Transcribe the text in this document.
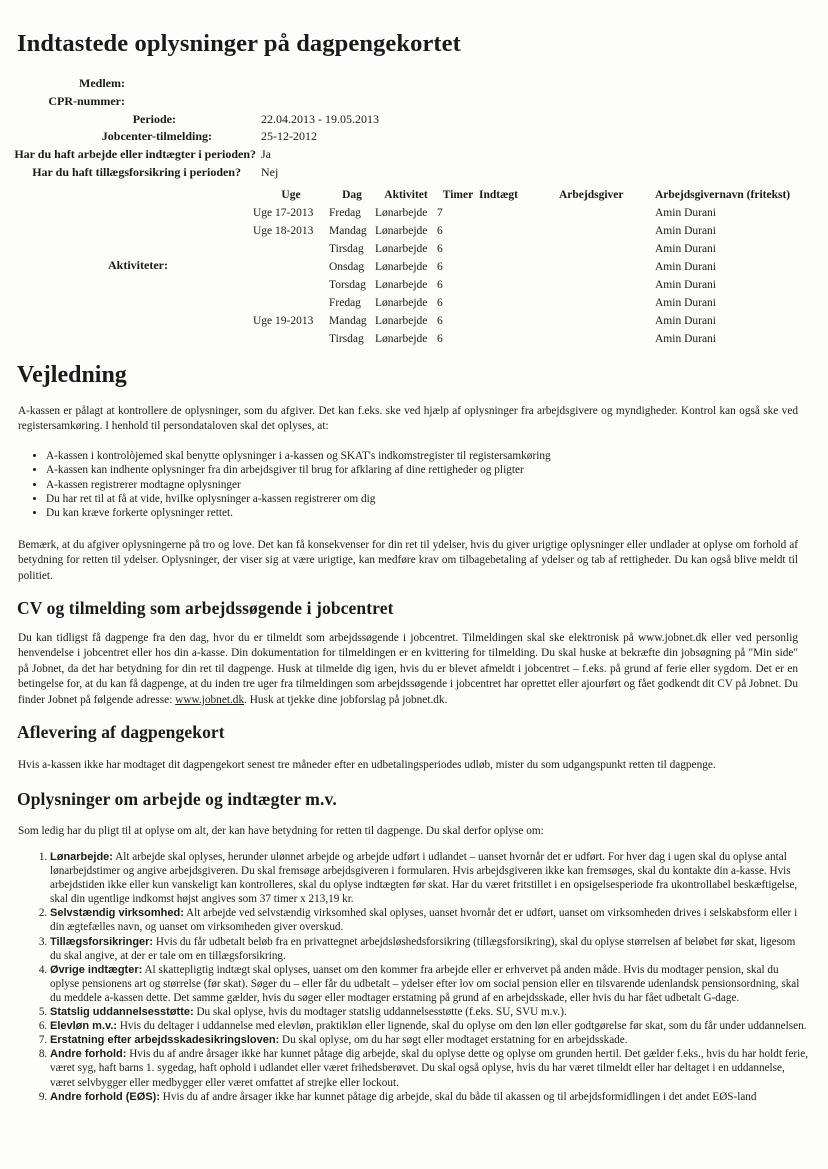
Indtastede oplysninger på dagpengekortet
Medlem:
CPR-nummer:
Periode:	22.04.2013 - 19.05.2013
Jobcenter-tilmelding:	25-12-2012
Har du haft arbejde eller indtægter i perioden? Ja
Har du haft tillægsforsikring i perioden? Nej
Aktiviteter:
Uge	Dag	Aktivitet	Timer	Indtægt	Arbejdsgiver	Arbejdsgivernavn (fritekst)
Uge 17-2013	Fredag	Lønarbejde	7			Amin Durani
Uge 18-2013	Mandag	Lønarbejde	6			Amin Durani
	Tirsdag	Lønarbejde	6			Amin Durani
	Onsdag	Lønarbejde	6			Amin Durani
	Torsdag	Lønarbejde	6			Amin Durani
	Fredag	Lønarbejde	6			Amin Durani
Uge 19-2013	Mandag	Lønarbejde	6			Amin Durani
	Tirsdag	Lønarbejde	6			Amin Durani
Vejledning

A-kassen er pålagt at kontrollere de oplysninger, som du afgiver. Det kan f.eks. ske ved hjælp af oplysninger fra arbejdsgivere og myndigheder. Kontrol kan også ske ved registersamkøring. I henhold til persondataloven skal det oplyses, at:

• A-kassen i kontrolòjemed skal benytte oplysninger i a-kassen og SKAT's indkomstregister til registersamkøring
• A-kassen kan indhente oplysninger fra din arbejdsgiver til brug for afklaring af dine rettigheder og pligter
• A-kassen registrerer modtagne oplysninger
• Du har ret til at få at vide, hvilke oplysninger a-kassen registrerer om dig
• Du kan kræve forkerte oplysninger rettet.

Bemærk, at du afgiver oplysningerne på tro og love. Det kan få konsekvenser for din ret til ydelser, hvis du giver urigtige oplysninger eller undlader at oplyse om forhold af betydning for retten til ydelser. Oplysninger, der viser sig at være urigtige, kan medføre krav om tilbagebetaling af ydelser og tab af rettigheder. Du kan også blive meldt til politiet.

CV og tilmelding som arbejdssøgende i jobcentret

Du kan tidligst få dagpenge fra den dag, hvor du er tilmeldt som arbejdssøgende i jobcentret. Tilmeldingen skal ske elektronisk på www.jobnet.dk eller ved personlig henvendelse i jobcentret eller hos din a-kasse. Din dokumentation for tilmeldingen er en kvittering for tilmelding. Du skal huske at bekræfte din jobsøgning på "Min side" på Jobnet, da det har betydning for din ret til dagpenge. Husk at tilmelde dig igen, hvis du er blevet afmeldt i jobcentret – f.eks. på grund af ferie eller sygdom. Det er en betingelse for, at du kan få dagpenge, at du inden tre uger fra tilmeldingen som arbejdssøgende i jobcentret har oprettet eller ajourført og fået godkendt dit CV på Jobnet. Du finder Jobnet på følgende adresse: www.jobnet.dk. Husk at tjekke dine jobforslag på jobnet.dk.

Aflevering af dagpengekort

Hvis a-kassen ikke har modtaget dit dagpengekort senest tre måneder efter en udbetalingsperiodes udløb, mister du som udgangspunkt retten til dagpenge.

Oplysninger om arbejde og indtægter m.v.

Som ledig har du pligt til at oplyse om alt, der kan have betydning for retten til dagpenge. Du skal derfor oplyse om:

1. Lønarbejde: Alt arbejde skal oplyses, herunder ulønnet arbejde og arbejde udført i udlandet – uanset hvornår det er udført. For hver dag i ugen skal du oplyse antal lønarbejdstimer og angive arbejdsgiveren. Du skal fremsøge arbejdsgiveren i formularen. Hvis arbejdsgiveren ikke kan fremsøges, skal du kontakte din a-kasse. Hvis arbejdstiden ikke eller kun vanskeligt kan kontrolleres, skal du oplyse indtægten før skat. Har du været fritstillet i en opsigelsesperiode fra ukontrollabel beskæftigelse, skal din ugentlige indkomst højst angives som 37 timer x 213,19 kr.
2. Selvstændig virksomhed: Alt arbejde ved selvstændig virksomhed skal oplyses, uanset hvornår det er udført, uanset om virksomheden drives i selskabsform eller i din ægtefælles navn, og uanset om virksomheden giver overskud.
3. Tillægsforsikringer: Hvis du får udbetalt beløb fra en privattegnet arbejdsløshedsforsikring (tillægsforsikring), skal du oplyse størrelsen af beløbet før skat, ligesom du skal angive, at der er tale om en tillægsforsikring.
4. Øvrige indtægter: Al skattepligtig indtægt skal oplyses, uanset om den kommer fra arbejde eller er erhvervet på anden måde. Hvis du modtager pension, skal du oplyse pensionens art og størrelse (før skat). Søger du – eller får du udbetalt – ydelser efter lov om social pension eller en tilsvarende udenlandsk pensionsordning, skal du meddele a-kassen dette. Det samme gælder, hvis du søger eller modtager erstatning på grund af en arbejdsskade, eller hvis du har fået udbetalt G-dage.
5. Statslig uddannelsesstøtte: Du skal oplyse, hvis du modtager statslig uddannelsesstøtte (f.eks. SU, SVU m.v.).
6. Elevløn m.v.: Hvis du deltager i uddannelse med elevløn, praktikløn eller lignende, skal du oplyse om den løn eller godtgørelse før skat, som du får under uddannelsen.
7. Erstatning efter arbejdsskadesikringsloven: Du skal oplyse, om du har søgt eller modtaget erstatning for en arbejdsskade.
8. Andre forhold: Hvis du af andre årsager ikke har kunnet påtage dig arbejde, skal du oplyse dette og oplyse om grunden hertil. Det gælder f.eks., hvis du har holdt ferie, været syg, haft barns 1. sygedag, haft ophold i udlandet eller været frihedsberøvet. Du skal også oplyse, hvis du har været tilmeldt eller har deltaget i en uddannelse, været selvbygger eller medbygger eller været omfattet af strejke eller lockout.
9. Andre forhold (EØS): Hvis du af andre årsager ikke har kunnet påtage dig arbejde, skal du både til akassen og til arbejdsformidlingen i det andet EØS-land
